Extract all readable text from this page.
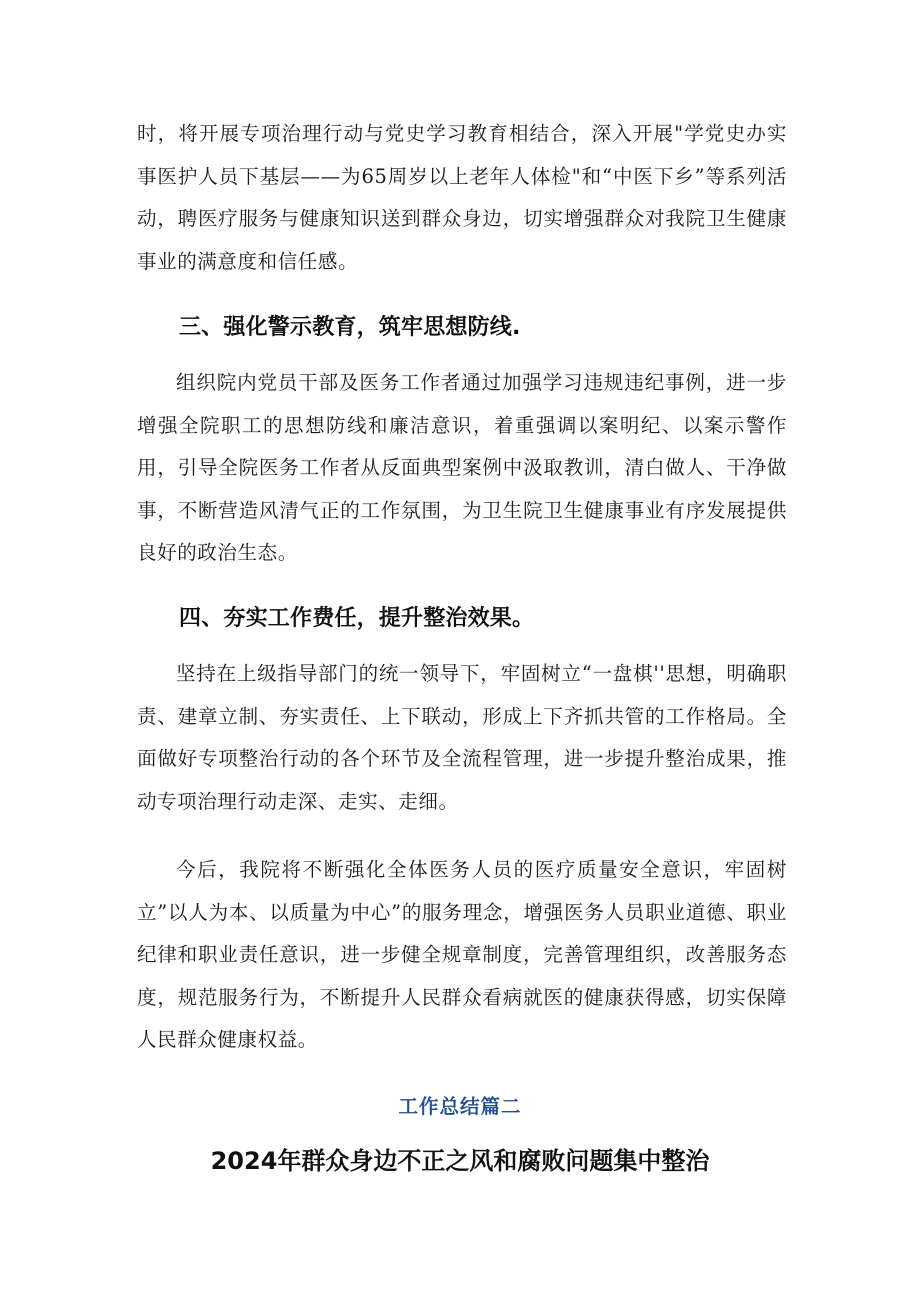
时，将开展专项治理行动与党史学习教育相结合，深入开展"学党史办实事医护人员下基层——为65周岁以上老年人体检"和“中医下乡”等系列活动，聘医疗服务与健康知识送到群众身边，切实增强群众对我院卫生健康事业的满意度和信任感。

三、强化警示教育，筑牢思想防线.

组织院内党员干部及医务工作者通过加强学习违规违纪事例，进一步增强全院职工的思想防线和廉洁意识，着重强调以案明纪、以案示警作用，引导全院医务工作者从反面典型案例中汲取教训，清白做人、干净做事，不断营造风清气正的工作氛围，为卫生院卫生健康事业有序发展提供良好的政治生态。

四、夯实工作费任，提升整治效果。

坚持在上级指导部门的统一领导下，牢固树立“一盘棋''思想，明确职责、建章立制、夯实责任、上下联动，形成上下齐抓共管的工作格局。全面做好专项整治行动的各个环节及全流程管理，进一步提升整治成果，推动专项治理行动走深、走实、走细。

今后，我院将不断强化全体医务人员的医疗质量安全意识，牢固树立”以人为本、以质量为中心”的服务理念，增强医务人员职业道德、职业纪律和职业责任意识，进一步健全规章制度，完善管理组织，改善服务态度，规范服务行为，不断提升人民群众看病就医的健康获得感，切实保障人民群众健康权益。

工作总结篇二
2024年群众身边不正之风和腐败问题集中整治
